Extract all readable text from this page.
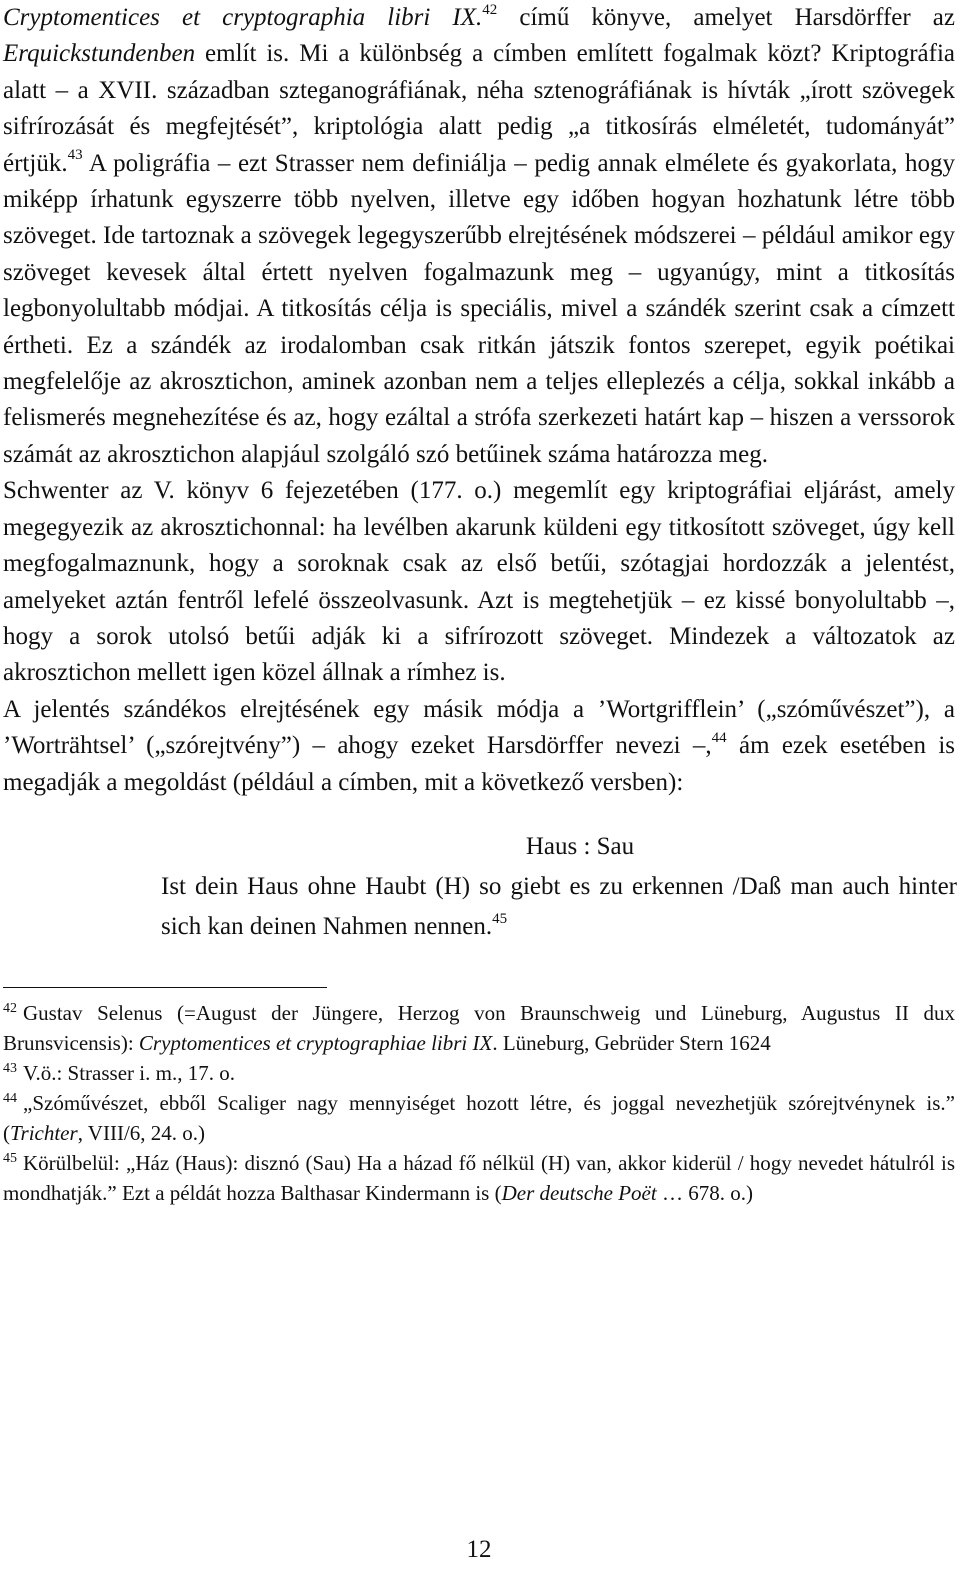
Cryptomentices et cryptographia libri IX.$^{42}$ című könyve, amelyet Harsdörffer az Erquickstundenben említ is. Mi a különbség a címben említett fogalmak közt? Kriptográfia alatt – a XVII. században szteganográfiának, néha sztenográfiának is hívták „írott szövegek sifrírozását és megfejtését”, kriptológia alatt pedig „a titkosírás elméletét, tudományát” értjük.$^{43}$ A poligráfia – ezt Strasser nem definiálja – pedig annak elmélete és gyakorlata, hogy miképp írhatunk egyszerre több nyelven, illetve egy időben hogyan hozhatunk létre több szöveget. Ide tartoznak a szövegek legegyszerűbb elrejtésének módszerei – például amikor egy szöveget kevesek által értett nyelven fogalmazunk meg – ugyanúgy, mint a titkosítás legbonyolultabb módjai. A titkosítás célja is speciális, mivel a szándék szerint csak a címzett értheti. Ez a szándék az irodalomban csak ritkán játszik fontos szerepet, egyik poétikai megfelelője az akrosztichon, aminek azonban nem a teljes elleplezés a célja, sokkal inkább a felismerés megnehezítése és az, hogy ezáltal a strófa szerkezeti határt kap – hiszen a verssorok számát az akrosztichon alapjául szolgáló szó betűinek száma határozza meg.

Schwenter az V. könyv 6 fejezetében (177. o.) megemlít egy kriptográfiai eljárást, amely megegyezik az akrosztichonnal: ha levélben akarunk küldeni egy titkosított szöveget, úgy kell megfogalmaznunk, hogy a soroknak csak az első betűi, szótagjai hordozzák a jelentést, amelyeket aztán fentről lefelé összeolvasunk. Azt is megtehetjük – ez kissé bonyolultabb –, hogy a sorok utolsó betűi adják ki a sifrírozott szöveget. Mindezek a változatok az akrosztichon mellett igen közel állnak a rímhez is.

A jelentés szándékos elrejtésének egy másik módja a ’Wortgrifflein’ („szóművészet”), a ’Worträhtsel’ („szórejtvény”) – ahogy ezeket Harsdörffer nevezi –,$^{44}$ ám ezek esetében is megadják a megoldást (például a címben, mit a következő versben):

Haus : Sau
Ist dein Haus ohne Haubt (H) so giebt es zu erkennen /Daß man auch hinter sich kan deinen Nahmen nennen.$^{45}$

$^{42}$ Gustav Selenus (=August der Jüngere, Herzog von Braunschweig und Lüneburg, Augustus II dux Brunsvicensis): Cryptomentices et cryptographiae libri IX. Lüneburg, Gebrüder Stern 1624

$^{43}$ V.ö.: Strasser i. m., 17. o.

$^{44}$ „Szóművészet, ebből Scaliger nagy mennyiséget hozott létre, és joggal nevezhetjük szórejtvénynek is.” (Trichter, VIII/6, 24. o.)

$^{45}$ Körülbelül: „Ház (Haus): disznó (Sau) Ha a házad fő nélkül (H) van, akkor kiderül / hogy nevedet hátulról is mondhatják.” Ezt a példát hozza Balthasar Kindermann is (Der deutsche Poët … 678. o.)

12
